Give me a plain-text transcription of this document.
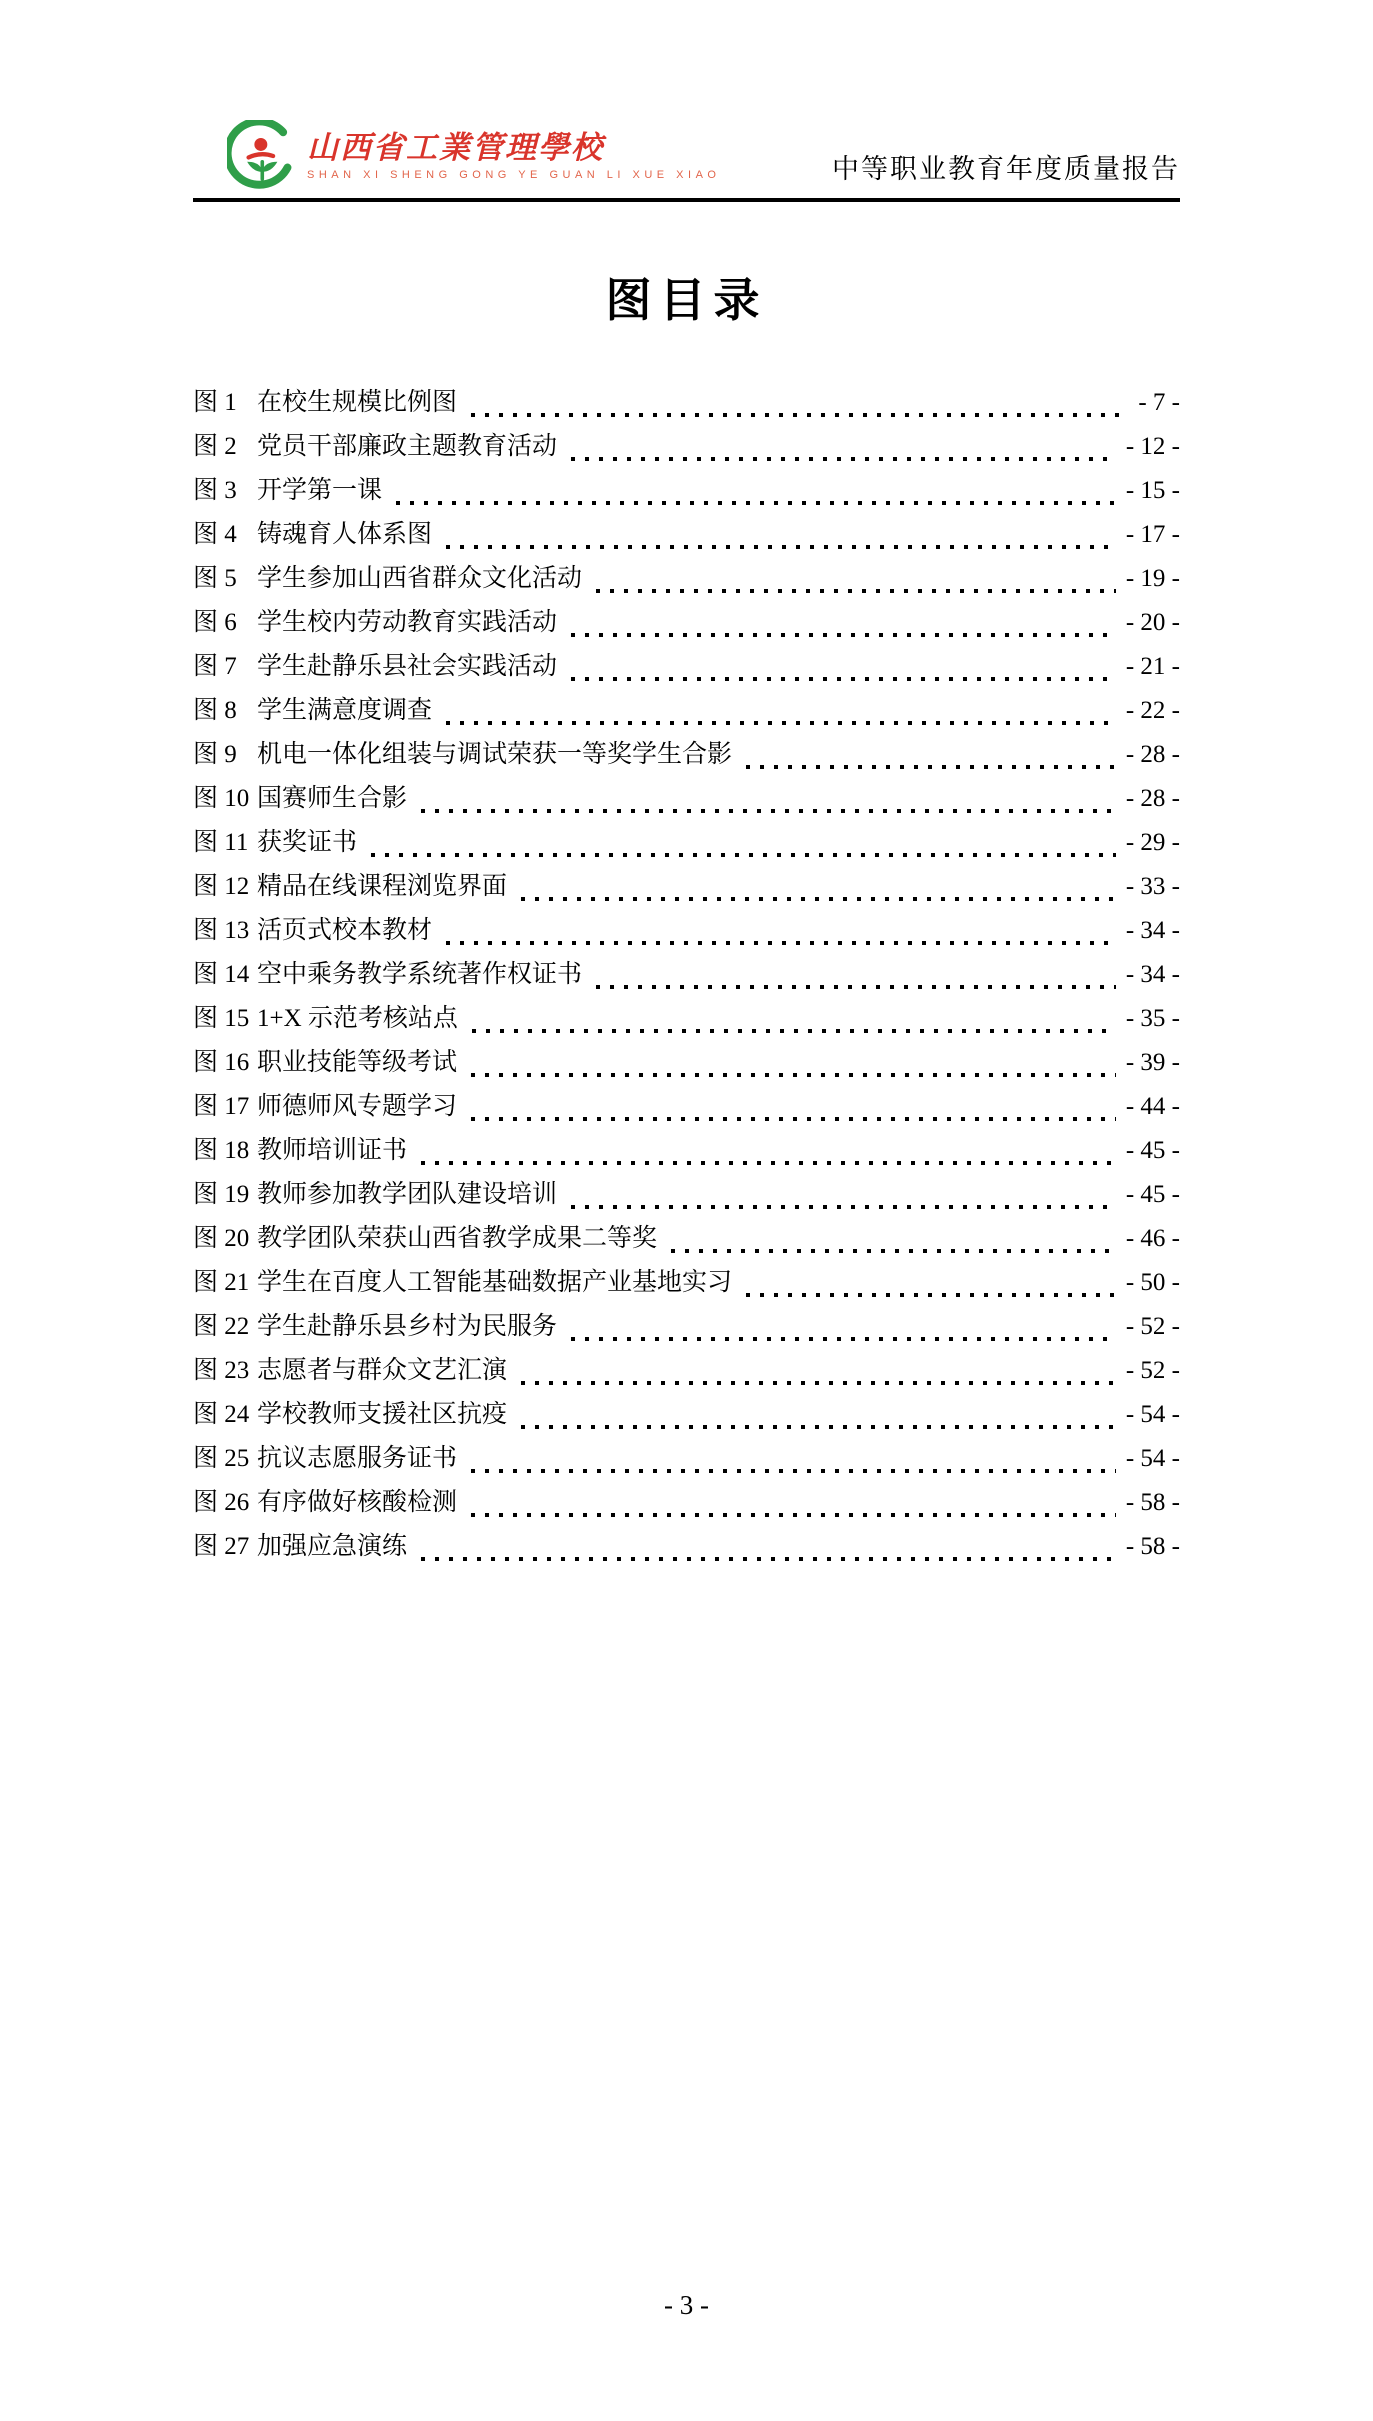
山西省工業管理學校
SHAN XI SHENG GONG YE GUAN LI XUE XIAO	中等职业教育年度质量报告
图目录
图 1 在校生规模比例图	- 7 -
图 2 党员干部廉政主题教育活动	- 12 -
图 3 开学第一课	- 15 -
图 4 铸魂育人体系图	- 17 -
图 5 学生参加山西省群众文化活动	- 19 -
图 6 学生校内劳动教育实践活动	- 20 -
图 7 学生赴静乐县社会实践活动	- 21 -
图 8 学生满意度调查	- 22 -
图 9 机电一体化组装与调试荣获一等奖学生合影	- 28 -
图 10 国赛师生合影	- 28 -
图 11 获奖证书	- 29 -
图 12 精品在线课程浏览界面	- 33 -
图 13 活页式校本教材	- 34 -
图 14 空中乘务教学系统著作权证书	- 34 -
图 15 1+X 示范考核站点	- 35 -
图 16 职业技能等级考试	- 39 -
图 17 师德师风专题学习	- 44 -
图 18 教师培训证书	- 45 -
图 19 教师参加教学团队建设培训	- 45 -
图 20 教学团队荣获山西省教学成果二等奖	- 46 -
图 21 学生在百度人工智能基础数据产业基地实习	- 50 -
图 22 学生赴静乐县乡村为民服务	- 52 -
图 23 志愿者与群众文艺汇演	- 52 -
图 24 学校教师支援社区抗疫	- 54 -
图 25 抗议志愿服务证书	- 54 -
图 26 有序做好核酸检测	- 58 -
图 27 加强应急演练	- 58 -
- 3 -
